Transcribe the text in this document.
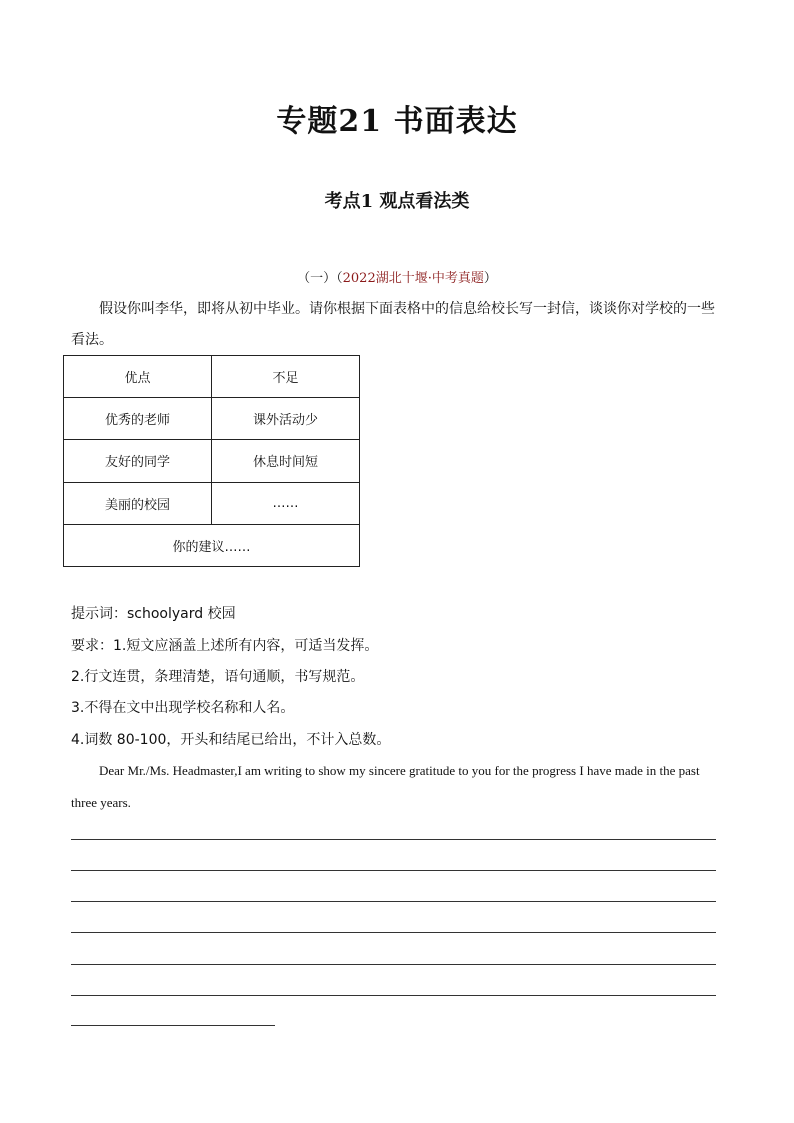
专题21 书面表达
考点1 观点看法类
（一）（2022湖北十堰·中考真题）
假设你叫李华，即将从初中毕业。请你根据下面表格中的信息给校长写一封信，谈谈你对学校的一些看法。
优点	不足
优秀的老师	课外活动少
友好的同学	休息时间短
美丽的校园	……
你的建议……	
提示词：schoolyard 校园
要求：1.短文应涵盖上述所有内容，可适当发挥。
2.行文连贯，条理清楚，语句通顺，书写规范。
3.不得在文中出现学校名称和人名。
4.词数 80-100，开头和结尾已给出，不计入总数。
Dear Mr./Ms. Headmaster,I am writing to show my sincere gratitude to you for the progress I have made in the past three years.
